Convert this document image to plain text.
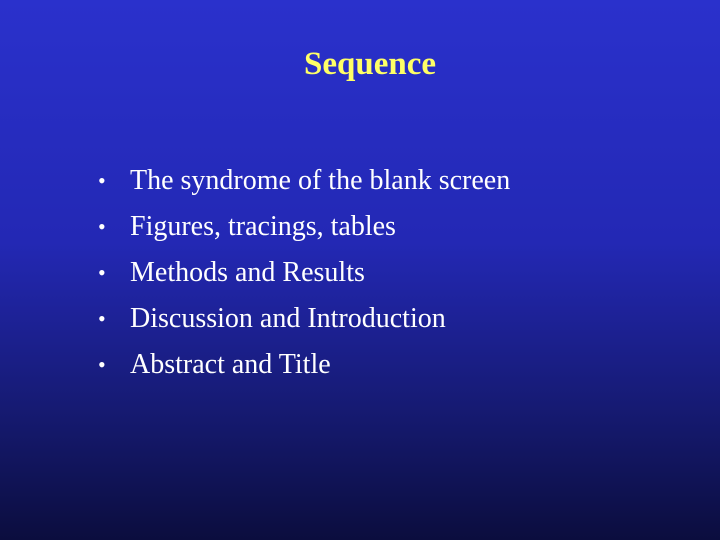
Sequence
• The syndrome of the blank screen
• Figures, tracings, tables
• Methods and Results
• Discussion and Introduction
• Abstract and Title
